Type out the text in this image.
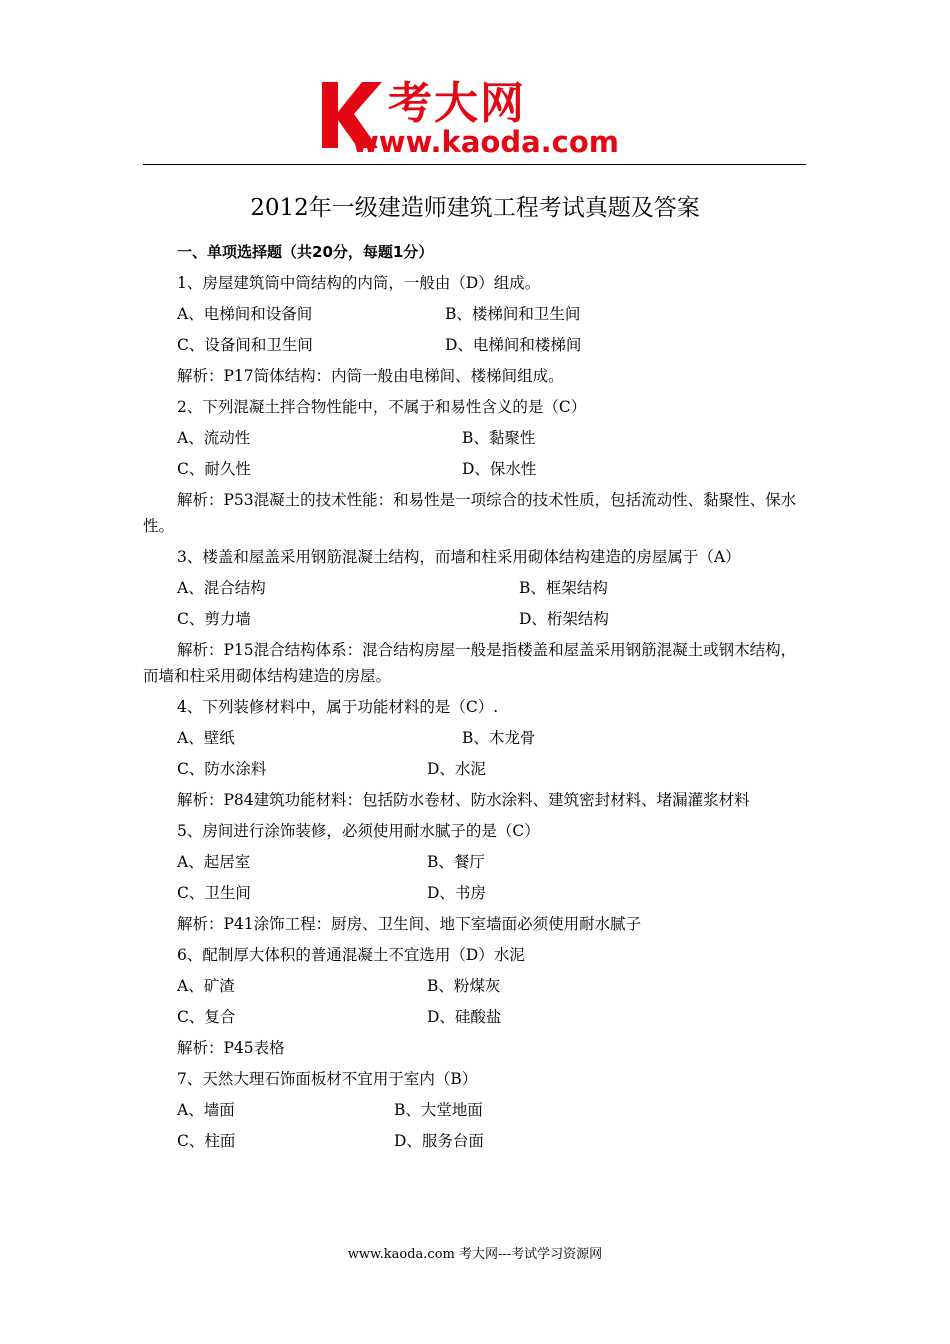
考大网
www.kaoda.com
2012年一级建造师建筑工程考试真题及答案
一、单项选择题（共20分，每题1分）
1、房屋建筑筒中筒结构的内筒，一般由（D）组成。
A、电梯间和设备间	B、楼梯间和卫生间
C、设备间和卫生间	D、电梯间和楼梯间
解析：P17筒体结构：内筒一般由电梯间、楼梯间组成。
2、下列混凝土拌合物性能中，不属于和易性含义的是（C）
A、流动性	B、黏聚性
C、耐久性	D、保水性
解析：P53混凝土的技术性能：和易性是一项综合的技术性质，包括流动性、黏聚性、保水性。
3、楼盖和屋盖采用钢筋混凝土结构，而墙和柱采用砌体结构建造的房屋属于（A）
A、混合结构	B、框架结构
C、剪力墙	D、桁架结构
解析：P15混合结构体系：混合结构房屋一般是指楼盖和屋盖采用钢筋混凝土或钢木结构，而墙和柱采用砌体结构建造的房屋。
4、下列装修材料中，属于功能材料的是（C）.
A、壁纸	B、木龙骨
C、防水涂料	D、水泥
解析：P84建筑功能材料：包括防水卷材、防水涂料、建筑密封材料、堵漏灌浆材料
5、房间进行涂饰装修，必须使用耐水腻子的是（C）
A、起居室	B、餐厅
C、卫生间	D、书房
解析：P41涂饰工程：厨房、卫生间、地下室墙面必须使用耐水腻子
6、配制厚大体积的普通混凝土不宜选用（D）水泥
A、矿渣	B、粉煤灰
C、复合	D、硅酸盐
解析：P45表格
7、天然大理石饰面板材不宜用于室内（B）
A、墙面	B、大堂地面
C、柱面	D、服务台面
www.kaoda.com 考大网---考试学习资源网
